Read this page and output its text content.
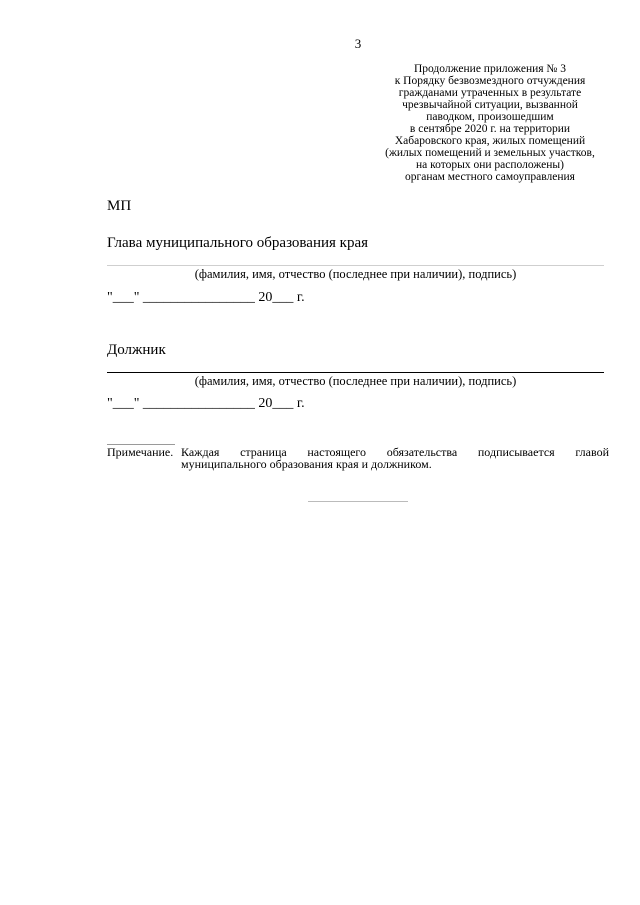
3
Продолжение приложения № 3
к Порядку безвозмездного отчуждения
гражданами утраченных в результате
чрезвычайной ситуации, вызванной
паводком, произошедшим
в сентябре 2020 г. на территории
Хабаровского края, жилых помещений
(жилых помещений и земельных участков,
на которых они расположены)
органам местного самоуправления
МП
Глава муниципального образования края
(фамилия, имя, отчество (последнее при наличии), подпись)
"___" ________________ 20___ г.
Должник
(фамилия, имя, отчество (последнее при наличии), подпись)
"___" ________________ 20___ г.
Примечание. Каждая страница настоящего обязательства подписывается главой муниципального образования края и должником.
